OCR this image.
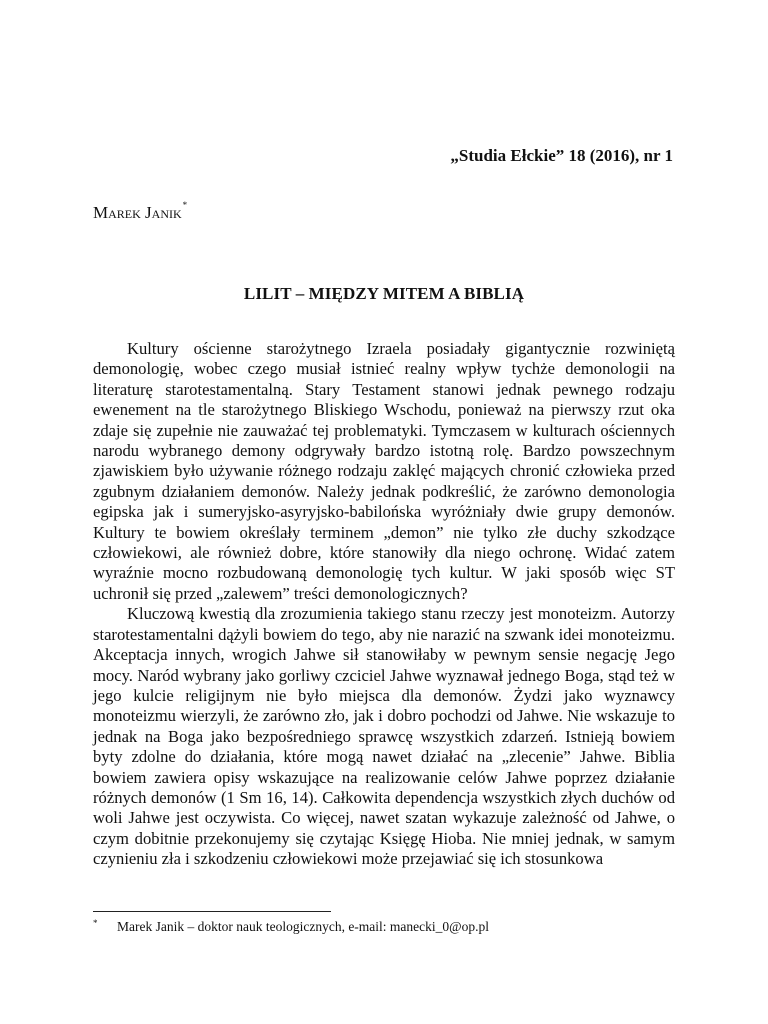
„Studia Ełckie” 18 (2016), nr 1
Marek Janik*
LILIT – MIĘDZY MITEM A BIBLIĄ

Kultury ościenne starożytnego Izraela posiadały gigantycznie rozwiniętą demonologię, wobec czego musiał istnieć realny wpływ tychże demonologii na literaturę starotestamentalną. Stary Testament stanowi jednak pewnego rodzaju ewenement na tle starożytnego Bliskiego Wschodu, ponieważ na pierwszy rzut oka zdaje się zupełnie nie zauważać tej problematyki. Tymczasem w kulturach ościennych narodu wybranego demony odgrywały bardzo istotną rolę. Bardzo powszechnym zjawiskiem było używanie różnego rodzaju zaklęć mających chronić człowieka przed zgubnym działaniem demonów. Należy jednak podkreślić, że zarówno demonologia egipska jak i sumeryjsko-asyryjsko-babilońska wyróżniały dwie grupy demonów. Kultury te bowiem określały terminem „demon” nie tylko złe duchy szkodzące człowiekowi, ale również dobre, które stanowiły dla niego ochronę. Widać zatem wyraźnie mocno rozbudowaną demonologię tych kultur. W jaki sposób więc ST uchronił się przed „zalewem” treści demonologicznych?

Kluczową kwestią dla zrozumienia takiego stanu rzeczy jest monoteizm. Autorzy starotestamentalni dążyli bowiem do tego, aby nie narazić na szwank idei monoteizmu. Akceptacja innych, wrogich Jahwe sił stanowiłaby w pewnym sensie negację Jego mocy. Naród wybrany jako gorliwy czciciel Jahwe wyznawał jednego Boga, stąd też w jego kulcie religijnym nie było miejsca dla demonów. Żydzi jako wyznawcy monoteizmu wierzyli, że zarówno zło, jak i dobro pochodzi od Jahwe. Nie wskazuje to jednak na Boga jako bezpośredniego sprawcę wszystkich zdarzeń. Istnieją bowiem byty zdolne do działania, które mogą nawet działać na „zlecenie” Jahwe. Biblia bowiem zawiera opisy wskazujące na realizowanie celów Jahwe poprzez działanie różnych demonów (1 Sm 16, 14). Całkowita dependencja wszystkich złych duchów od woli Jahwe jest oczywista. Co więcej, nawet szatan wykazuje zależność od Jahwe, o czym dobitnie przekonujemy się czytając Księgę Hioba. Nie mniej jednak, w samym czynieniu zła i szkodzeniu człowiekowi może przejawiać się ich stosunkowa

* Marek Janik – doktor nauk teologicznych, e-mail: manecki_0@op.pl
